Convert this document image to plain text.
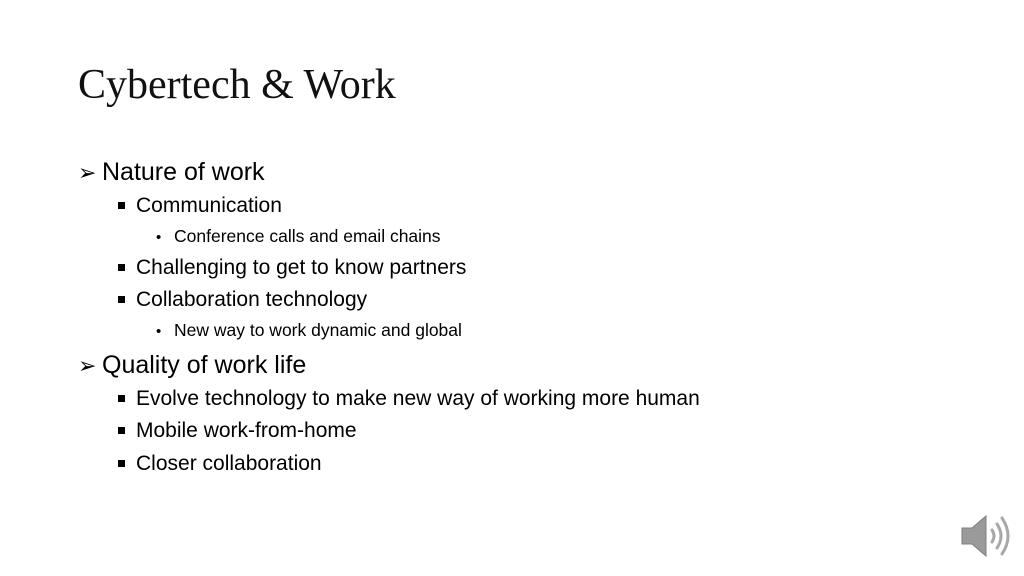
Cybertech & Work
➢ Nature of work
Communication
• Conference calls and email chains
Challenging to get to know partners
Collaboration technology
• New way to work dynamic and global
➢ Quality of work life
Evolve technology to make new way of working more human
Mobile work-from-home
Closer collaboration
